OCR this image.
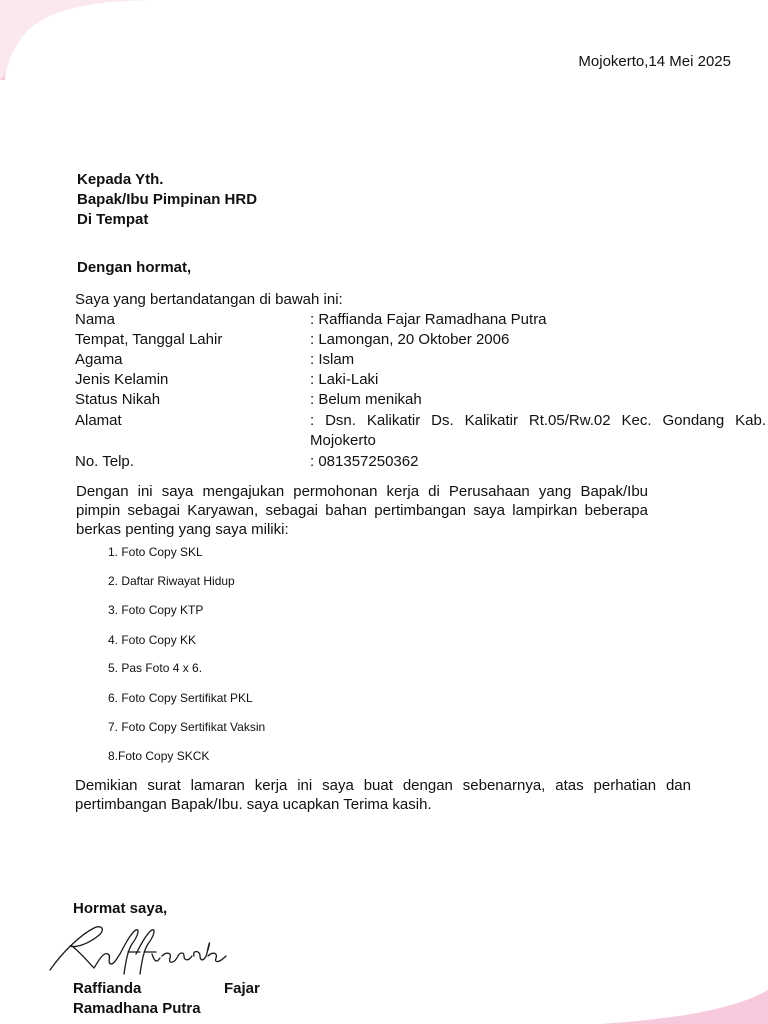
Mojokerto,14 Mei 2025
Kepada Yth.
Bapak/Ibu Pimpinan HRD
Di Tempat
Dengan hormat,
Saya yang bertandatangan di bawah ini:
Nama	: Raffianda Fajar Ramadhana Putra
Tempat, Tanggal Lahir	: Lamongan, 20 Oktober 2006
Agama	: Islam
Jenis Kelamin	: Laki-Laki
Status Nikah	: Belum menikah
Alamat	: Dsn. Kalikatir Ds. Kalikatir Rt.05/Rw.02 Kec. Gondang Kab.
Mojokerto
No. Telp.	: 081357250362
Dengan ini saya mengajukan permohonan kerja di Perusahaan yang Bapak/Ibu pimpin sebagai Karyawan, sebagai bahan pertimbangan saya lampirkan beberapa berkas penting yang saya miliki:
1. Foto Copy SKL
2. Daftar Riwayat Hidup
3. Foto Copy KTP
4. Foto Copy KK
5. Pas Foto 4 x 6.
6. Foto Copy Sertifikat PKL
7. Foto Copy Sertifikat Vaksin
8.Foto Copy SKCK
Demikian surat lamaran kerja ini saya buat dengan sebenarnya, atas perhatian dan pertimbangan Bapak/Ibu. saya ucapkan Terima kasih.
Hormat saya,
Raffianda	Fajar
Ramadhana Putra
